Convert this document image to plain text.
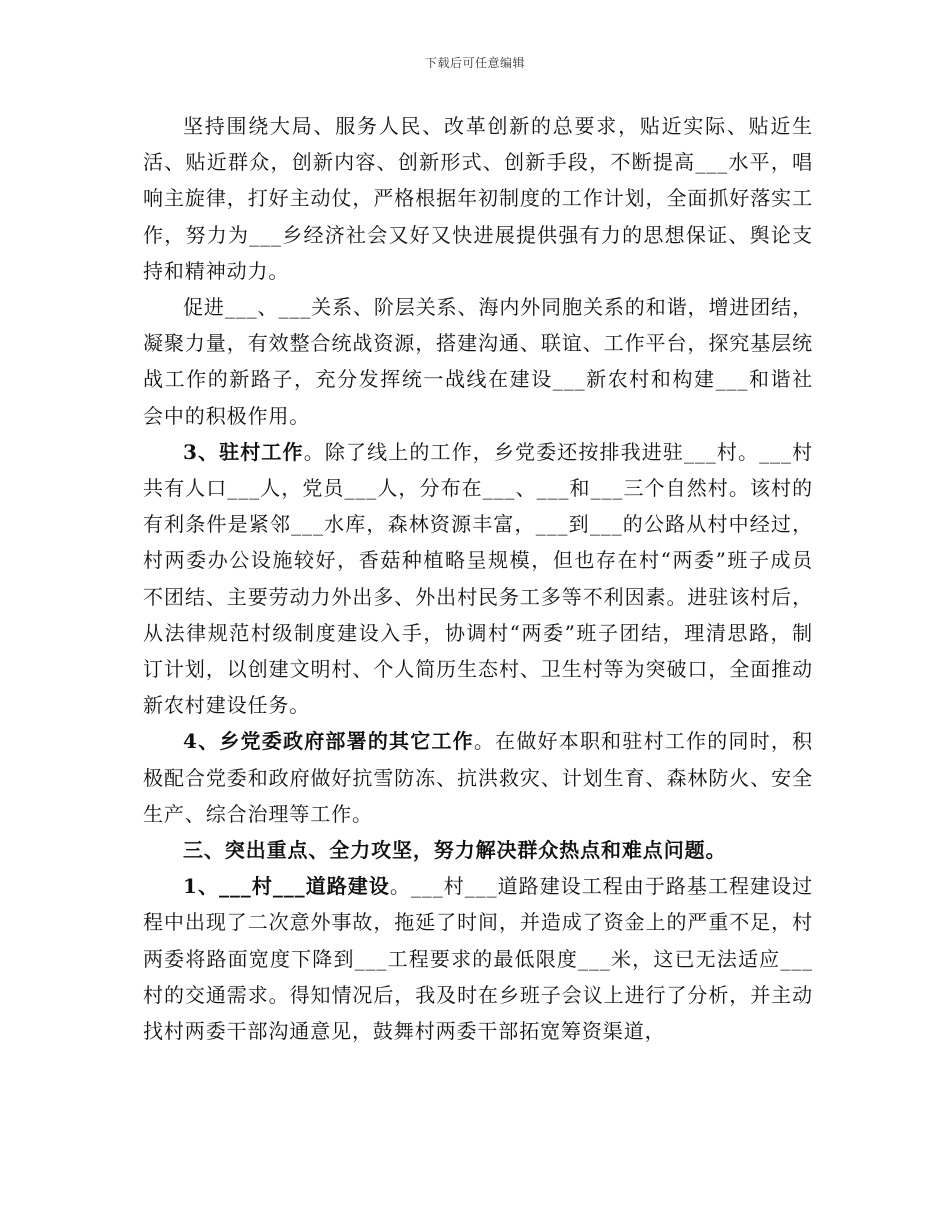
下载后可任意编辑

坚持围绕大局、服务人民、改革创新的总要求，贴近实际、贴近生活、贴近群众，创新内容、创新形式、创新手段，不断提高___水平，唱响主旋律，打好主动仗，严格根据年初制度的工作计划，全面抓好落实工作，努力为___乡经济社会又好又快进展提供强有力的思想保证、舆论支持和精神动力。

促进___、___关系、阶层关系、海内外同胞关系的和谐，增进团结，凝聚力量，有效整合统战资源，搭建沟通、联谊、工作平台，探究基层统战工作的新路子，充分发挥统一战线在建设___新农村和构建___和谐社会中的积极作用。

3、驻村工作。除了线上的工作，乡党委还按排我进驻___村。___村共有人口___人，党员___人，分布在___、___和___三个自然村。该村的有利条件是紧邻___水库，森林资源丰富，___到___的公路从村中经过，村两委办公设施较好，香菇种植略呈规模，但也存在村“两委”班子成员不团结、主要劳动力外出多、外出村民务工多等不利因素。进驻该村后，从法律规范村级制度建设入手，协调村“两委”班子团结，理清思路，制订计划，以创建文明村、个人简历生态村、卫生村等为突破口，全面推动新农村建设任务。

4、乡党委政府部署的其它工作。在做好本职和驻村工作的同时，积极配合党委和政府做好抗雪防冻、抗洪救灾、计划生育、森林防火、安全生产、综合治理等工作。

三、突出重点、全力攻坚，努力解决群众热点和难点问题。

1、___村___道路建设。___村___道路建设工程由于路基工程建设过程中出现了二次意外事故，拖延了时间，并造成了资金上的严重不足，村两委将路面宽度下降到___工程要求的最低限度___米，这已无法适应___村的交通需求。得知情况后，我及时在乡班子会议上进行了分析，并主动找村两委干部沟通意见，鼓舞村两委干部拓宽筹资渠道，
